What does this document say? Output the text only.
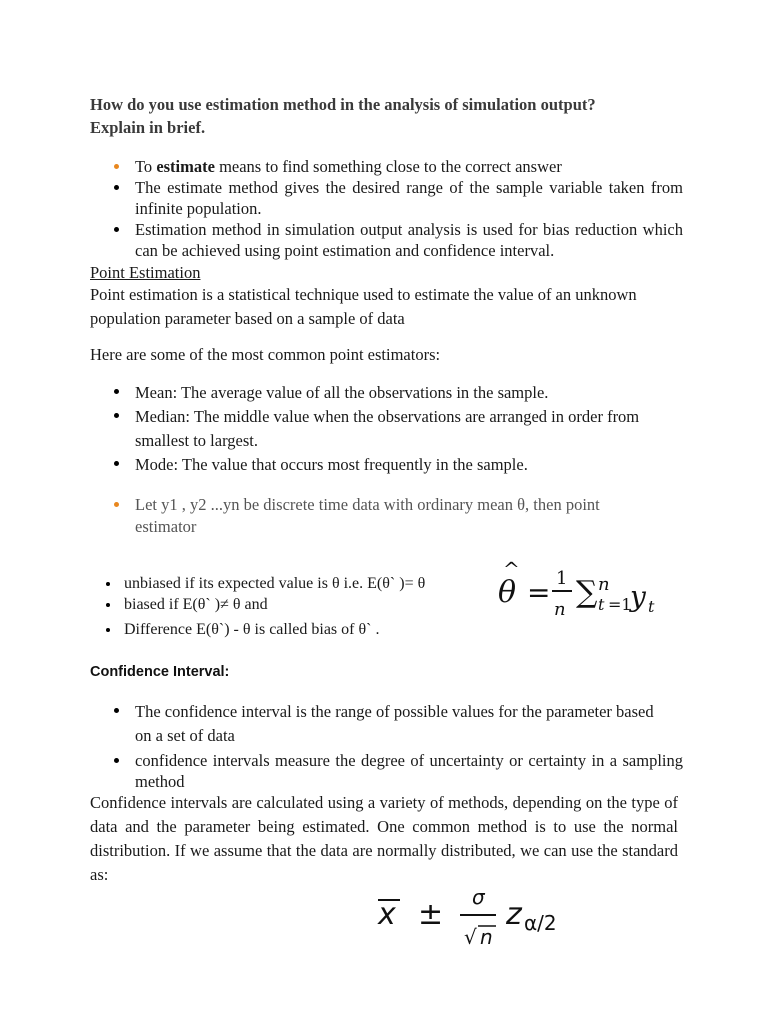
How do you use estimation method in the analysis of simulation output?
Explain in brief.
To estimate means to find something close to the correct answer
The estimate method gives the desired range of the sample variable taken from infinite population.
Estimation method in simulation output analysis is used for bias reduction which can be achieved using point estimation and confidence interval.
Point Estimation
Point estimation is a statistical technique used to estimate the value of an unknown population parameter based on a sample of data
Here are some of the most common point estimators:
Mean: The average value of all the observations in the sample.
Median: The middle value when the observations are arranged in order from smallest to largest.
Mode: The value that occurs most frequently in the sample.
Let y1 , y2 ...yn be discrete time data with ordinary mean θ, then point estimator
unbiased if its expected value is θ i.e. E(θ` )= θ
biased if E(θ` )≠ θ and
Difference E(θ`) - θ is called bias of θ` .
θ
^
= 1
n ∑ n
t =1
y t
Confidence Interval:
The confidence interval is the range of possible values for the parameter based on a set of data
confidence intervals measure the degree of uncertainty or certainty in a sampling method
Confidence intervals are calculated using a variety of methods, depending on the type of data and the parameter being estimated. One common method is to use the normal distribution. If we assume that the data are normally distributed, we can use the standard as:
x ± σ
√ n
z α/2
